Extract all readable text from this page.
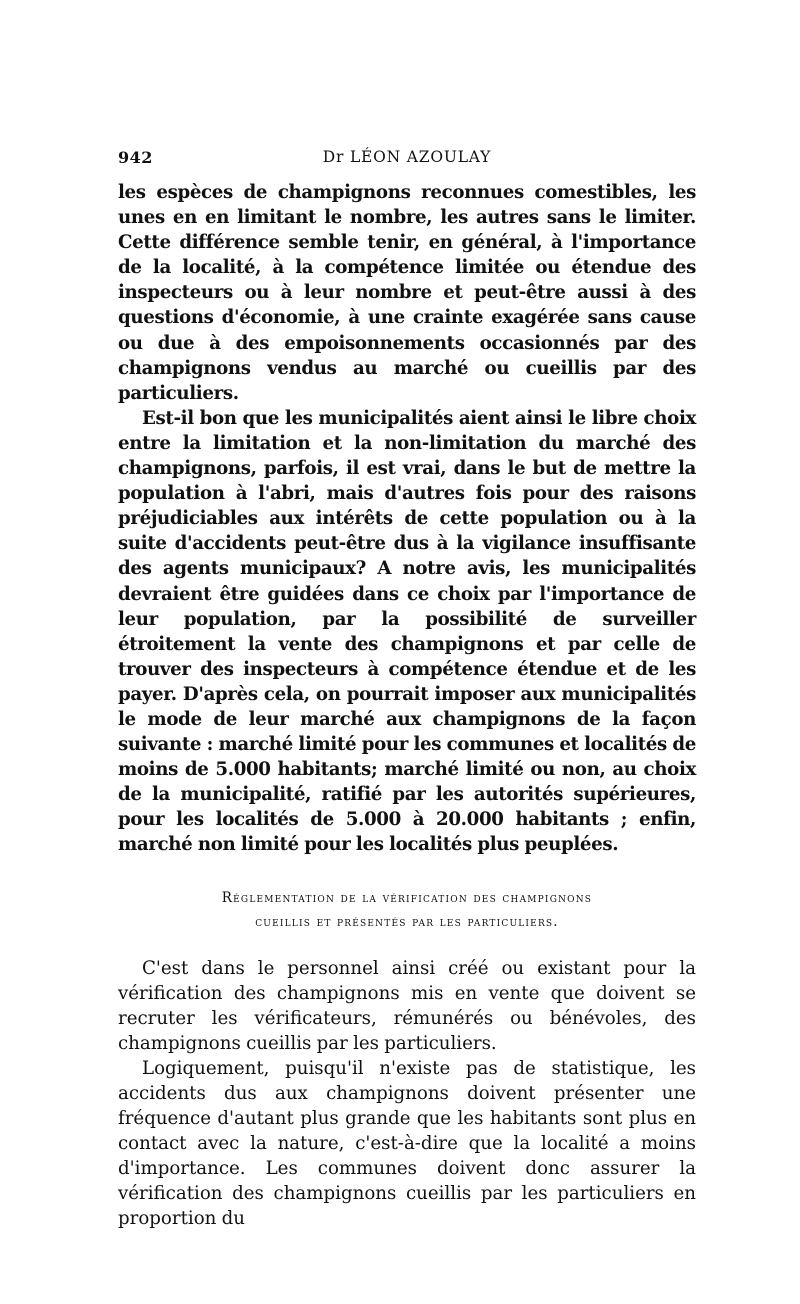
942	Dr LÉON AZOULAY

les espèces de champignons reconnues comestibles, les unes en en limitant le nombre, les autres sans le limiter. Cette différence semble tenir, en général, à l'importance de la localité, à la compétence limitée ou étendue des inspecteurs ou à leur nombre et peut-être aussi à des questions d'économie, à une crainte exagérée sans cause ou due à des empoisonnements occasionnés par des champignons vendus au marché ou cueillis par des particuliers.

Est-il bon que les municipalités aient ainsi le libre choix entre la limitation et la non-limitation du marché des champignons, parfois, il est vrai, dans le but de mettre la population à l'abri, mais d'autres fois pour des raisons préjudiciables aux intérêts de cette population ou à la suite d'accidents peut-être dus à la vigilance insuffisante des agents municipaux? A notre avis, les municipalités devraient être guidées dans ce choix par l'importance de leur population, par la possibilité de surveiller étroitement la vente des champignons et par celle de trouver des inspecteurs à compétence étendue et de les payer. D'après cela, on pourrait imposer aux municipalités le mode de leur marché aux champignons de la façon suivante : marché limité pour les communes et localités de moins de 5.000 habitants; marché limité ou non, au choix de la municipalité, ratifié par les autorités supérieures, pour les localités de 5.000 à 20.000 habitants ; enfin, marché non limité pour les localités plus peuplées.

Réglementation de la vérification des champignons
cueillis et présentés par les particuliers.

C'est dans le personnel ainsi créé ou existant pour la vérification des champignons mis en vente que doivent se recruter les vérificateurs, rémunérés ou bénévoles, des champignons cueillis par les particuliers.

Logiquement, puisqu'il n'existe pas de statistique, les accidents dus aux champignons doivent présenter une fréquence d'autant plus grande que les habitants sont plus en contact avec la nature, c'est-à-dire que la localité a moins d'importance. Les communes doivent donc assurer la vérification des champignons cueillis par les particuliers en proportion du
